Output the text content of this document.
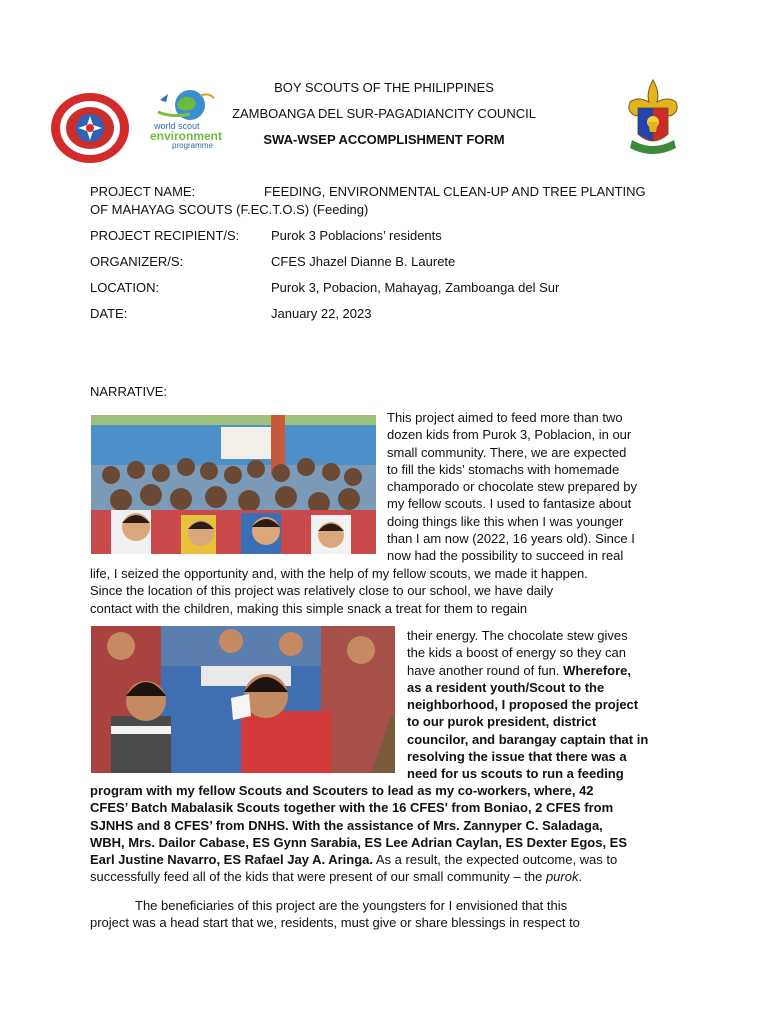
world scout
environment
programme
BOY SCOUTS OF THE PHILIPPINES
ZAMBOANGA DEL SUR-PAGADIANCITY COUNCIL
SWA-WSEP ACCOMPLISHMENT FORM
PROJECT NAME:	FEEDING, ENVIRONMENTAL CLEAN-UP AND TREE PLANTING
OF MAHAYAG SCOUTS (F.EC.T.O.S) (Feeding)
PROJECT RECIPIENT/S: Purok 3 Poblacions’ residents
ORGANIZER/S:	CFES Jhazel Dianne B. Laurete
LOCATION:	Purok 3, Pobacion, Mahayag, Zamboanga del Sur
DATE:	January 22, 2023
NARRATIVE:
This project aimed to feed more than two
dozen kids from Purok 3, Poblacion, in our
small community. There, we are expected
to fill the kids' stomachs with homemade
champorado or chocolate stew prepared by
my fellow scouts. I used to fantasize about
doing things like this when I was younger
than I am now (2022, 16 years old). Since I
now had the possibility to succeed in real
life, I seized the opportunity and, with the help of my fellow scouts, we made it happen.
Since the location of this project was relatively close to our school, we have daily
contact with the children, making this simple snack a treat for them to regain
their energy. The chocolate stew gives
the kids a boost of energy so they can
have another round of fun. Wherefore,
as a resident youth/Scout to the
neighborhood, I proposed the project
to our purok president, district
councilor, and barangay captain that in
resolving the issue that there was a
need for us scouts to run a feeding
program with my fellow Scouts and Scouters to lead as my co-workers, where, 42
CFES’ Batch Mabalasik Scouts together with the 16 CFES' from Boniao, 2 CFES from
SJNHS and 8 CFES’ from DNHS. With the assistance of Mrs. Zannyper C. Saladaga,
WBH, Mrs. Dailor Cabase, ES Gynn Sarabia, ES Lee Adrian Caylan, ES Dexter Egos, ES
Earl Justine Navarro, ES Rafael Jay A. Aringa. As a result, the expected outcome, was to
successfully feed all of the kids that were present of our small community – the purok.
The beneficiaries of this project are the youngsters for I envisioned that this
project was a head start that we, residents, must give or share blessings in respect to
